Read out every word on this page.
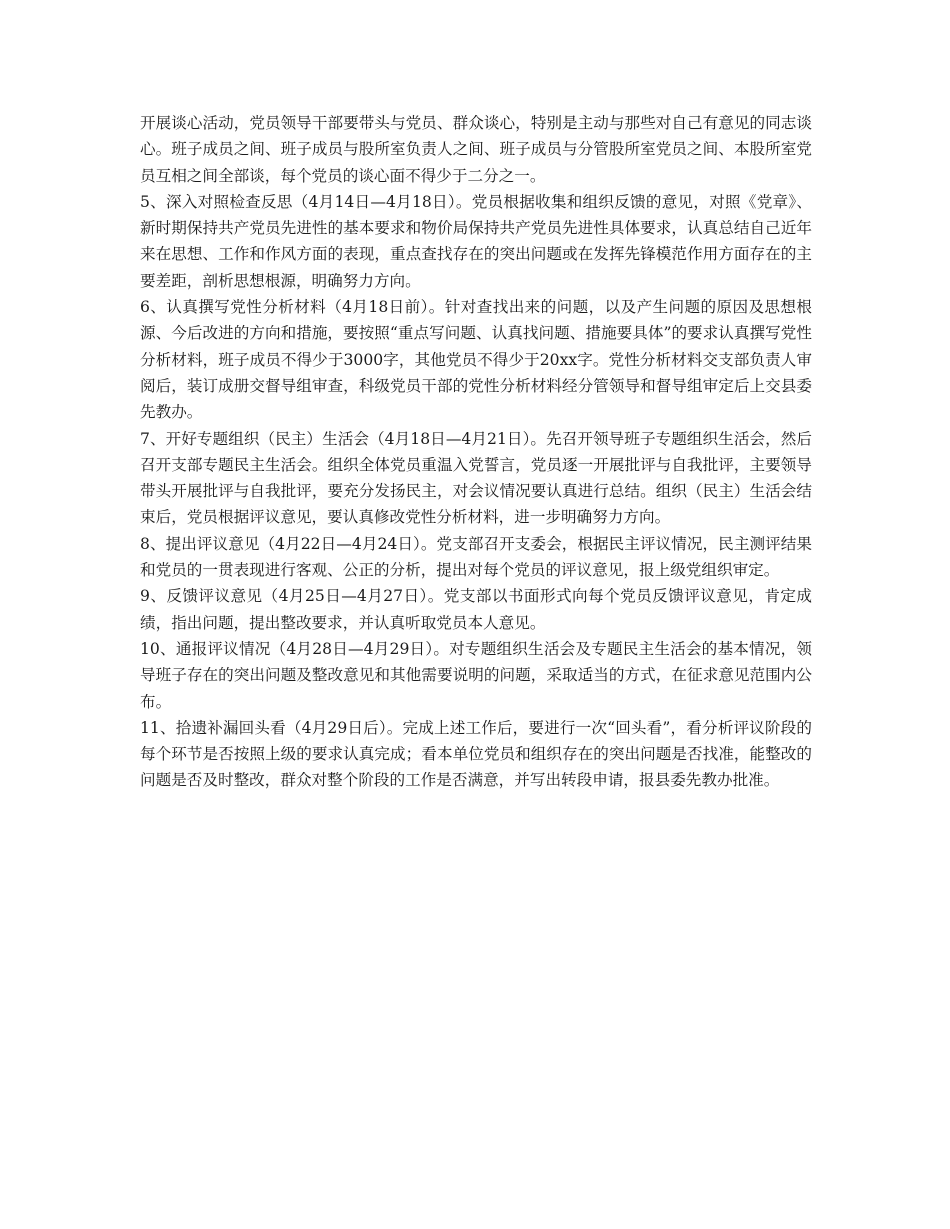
开展谈心活动，党员领导干部要带头与党员、群众谈心，特别是主动与那些对自己有意见的同志谈心。班子成员之间、班子成员与股所室负责人之间、班子成员与分管股所室党员之间、本股所室党员互相之间全部谈，每个党员的谈心面不得少于二分之一。

5、深入对照检查反思（4月14日—4月18日）。党员根据收集和组织反馈的意见，对照《党章》、新时期保持共产党员先进性的基本要求和物价局保持共产党员先进性具体要求，认真总结自己近年来在思想、工作和作风方面的表现，重点查找存在的突出问题或在发挥先锋模范作用方面存在的主要差距，剖析思想根源，明确努力方向。

6、认真撰写党性分析材料（4月18日前）。针对查找出来的问题，以及产生问题的原因及思想根源、今后改进的方向和措施，要按照“重点写问题、认真找问题、措施要具体”的要求认真撰写党性分析材料，班子成员不得少于3000字，其他党员不得少于20xx字。党性分析材料交支部负责人审阅后，装订成册交督导组审查，科级党员干部的党性分析材料经分管领导和督导组审定后上交县委先教办。

7、开好专题组织（民主）生活会（4月18日—4月21日）。先召开领导班子专题组织生活会，然后召开支部专题民主生活会。组织全体党员重温入党誓言，党员逐一开展批评与自我批评，主要领导带头开展批评与自我批评，要充分发扬民主，对会议情况要认真进行总结。组织（民主）生活会结束后，党员根据评议意见，要认真修改党性分析材料，进一步明确努力方向。

8、提出评议意见（4月22日—4月24日）。党支部召开支委会，根据民主评议情况，民主测评结果和党员的一贯表现进行客观、公正的分析，提出对每个党员的评议意见，报上级党组织审定。

9、反馈评议意见（4月25日—4月27日）。党支部以书面形式向每个党员反馈评议意见，肯定成绩，指出问题，提出整改要求，并认真听取党员本人意见。

10、通报评议情况（4月28日—4月29日）。对专题组织生活会及专题民主生活会的基本情况，领导班子存在的突出问题及整改意见和其他需要说明的问题，采取适当的方式，在征求意见范围内公布。

11、拾遗补漏回头看（4月29日后）。完成上述工作后，要进行一次“回头看”，看分析评议阶段的每个环节是否按照上级的要求认真完成；看本单位党员和组织存在的突出问题是否找准，能整改的问题是否及时整改，群众对整个阶段的工作是否满意，并写出转段申请，报县委先教办批准。
